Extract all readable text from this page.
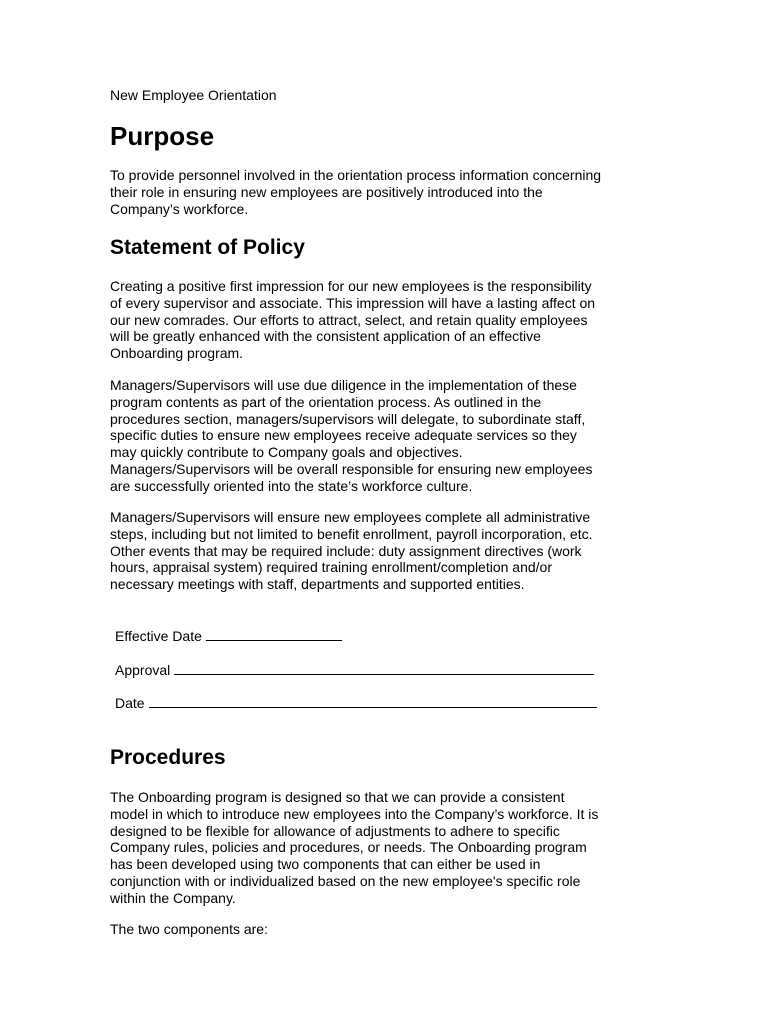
New Employee Orientation
Purpose
To provide personnel involved in the orientation process information concerning
their role in ensuring new employees are positively introduced into the
Company’s workforce.
Statement of Policy
Creating a positive first impression for our new employees is the responsibility
of every supervisor and associate. This impression will have a lasting affect on
our new comrades. Our efforts to attract, select, and retain quality employees
will be greatly enhanced with the consistent application of an effective
Onboarding program.
Managers/Supervisors will use due diligence in the implementation of these
program contents as part of the orientation process. As outlined in the
procedures section, managers/supervisors will delegate, to subordinate staff,
specific duties to ensure new employees receive adequate services so they
may quickly contribute to Company goals and objectives.
Managers/Supervisors will be overall responsible for ensuring new employees
are successfully oriented into the state’s workforce culture.
Managers/Supervisors will ensure new employees complete all administrative
steps, including but not limited to benefit enrollment, payroll incorporation, etc.
Other events that may be required include: duty assignment directives (work
hours, appraisal system) required training enrollment/completion and/or
necessary meetings with staff, departments and supported entities.
Effective Date
Approval
Date
Procedures
The Onboarding program is designed so that we can provide a consistent
model in which to introduce new employees into the Company’s workforce. It is
designed to be flexible for allowance of adjustments to adhere to specific
Company rules, policies and procedures, or needs. The Onboarding program
has been developed using two components that can either be used in
conjunction with or individualized based on the new employee's specific role
within the Company.
The two components are:
